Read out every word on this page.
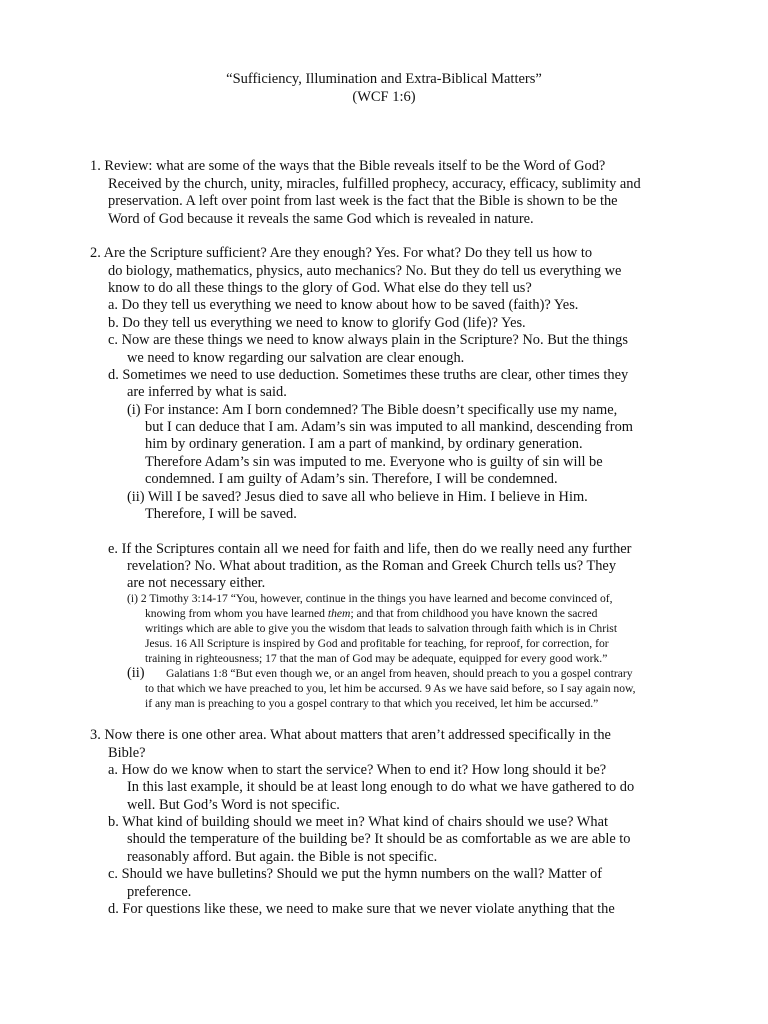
“Sufficiency, Illumination and Extra-Biblical Matters”
(WCF 1:6)
1. Review: what are some of the ways that the Bible reveals itself to be the Word of God?
Received by the church, unity, miracles, fulfilled prophecy, accuracy, efficacy, sublimity and
preservation. A left over point from last week is the fact that the Bible is shown to be the
Word of God because it reveals the same God which is revealed in nature.
2. Are the Scripture sufficient? Are they enough? Yes. For what? Do they tell us how to
do biology, mathematics, physics, auto mechanics? No. But they do tell us everything we
know to do all these things to the glory of God. What else do they tell us?
a. Do they tell us everything we need to know about how to be saved (faith)? Yes.
b. Do they tell us everything we need to know to glorify God (life)? Yes.
c. Now are these things we need to know always plain in the Scripture? No. But the things
we need to know regarding our salvation are clear enough.
d. Sometimes we need to use deduction. Sometimes these truths are clear, other times they
are inferred by what is said.
(i) For instance: Am I born condemned? The Bible doesn’t specifically use my name,
but I can deduce that I am. Adam’s sin was imputed to all mankind, descending from
him by ordinary generation. I am a part of mankind, by ordinary generation.
Therefore Adam’s sin was imputed to me. Everyone who is guilty of sin will be
condemned. I am guilty of Adam’s sin. Therefore, I will be condemned.
(ii) Will I be saved? Jesus died to save all who believe in Him. I believe in Him.
Therefore, I will be saved.
e. If the Scriptures contain all we need for faith and life, then do we really need any further
revelation? No. What about tradition, as the Roman and Greek Church tells us? They
are not necessary either.
(i) 2 Timothy 3:14-17 “You, however, continue in the things you have learned and become convinced of,
knowing from whom you have learned them; and that from childhood you have known the sacred
writings which are able to give you the wisdom that leads to salvation through faith which is in Christ
Jesus. 16 All Scripture is inspired by God and profitable for teaching, for reproof, for correction, for
training in righteousness; 17 that the man of God may be adequate, equipped for every good work.”
(ii) Galatians 1:8 “But even though we, or an angel from heaven, should preach to you a gospel contrary
to that which we have preached to you, let him be accursed. 9 As we have said before, so I say again now,
if any man is preaching to you a gospel contrary to that which you received, let him be accursed.”
3. Now there is one other area. What about matters that aren’t addressed specifically in the
Bible?
a. How do we know when to start the service? When to end it? How long should it be?
In this last example, it should be at least long enough to do what we have gathered to do
well. But God’s Word is not specific.
b. What kind of building should we meet in? What kind of chairs should we use? What
should the temperature of the building be? It should be as comfortable as we are able to
reasonably afford. But again. the Bible is not specific.
c. Should we have bulletins? Should we put the hymn numbers on the wall? Matter of
preference.
d. For questions like these, we need to make sure that we never violate anything that the
